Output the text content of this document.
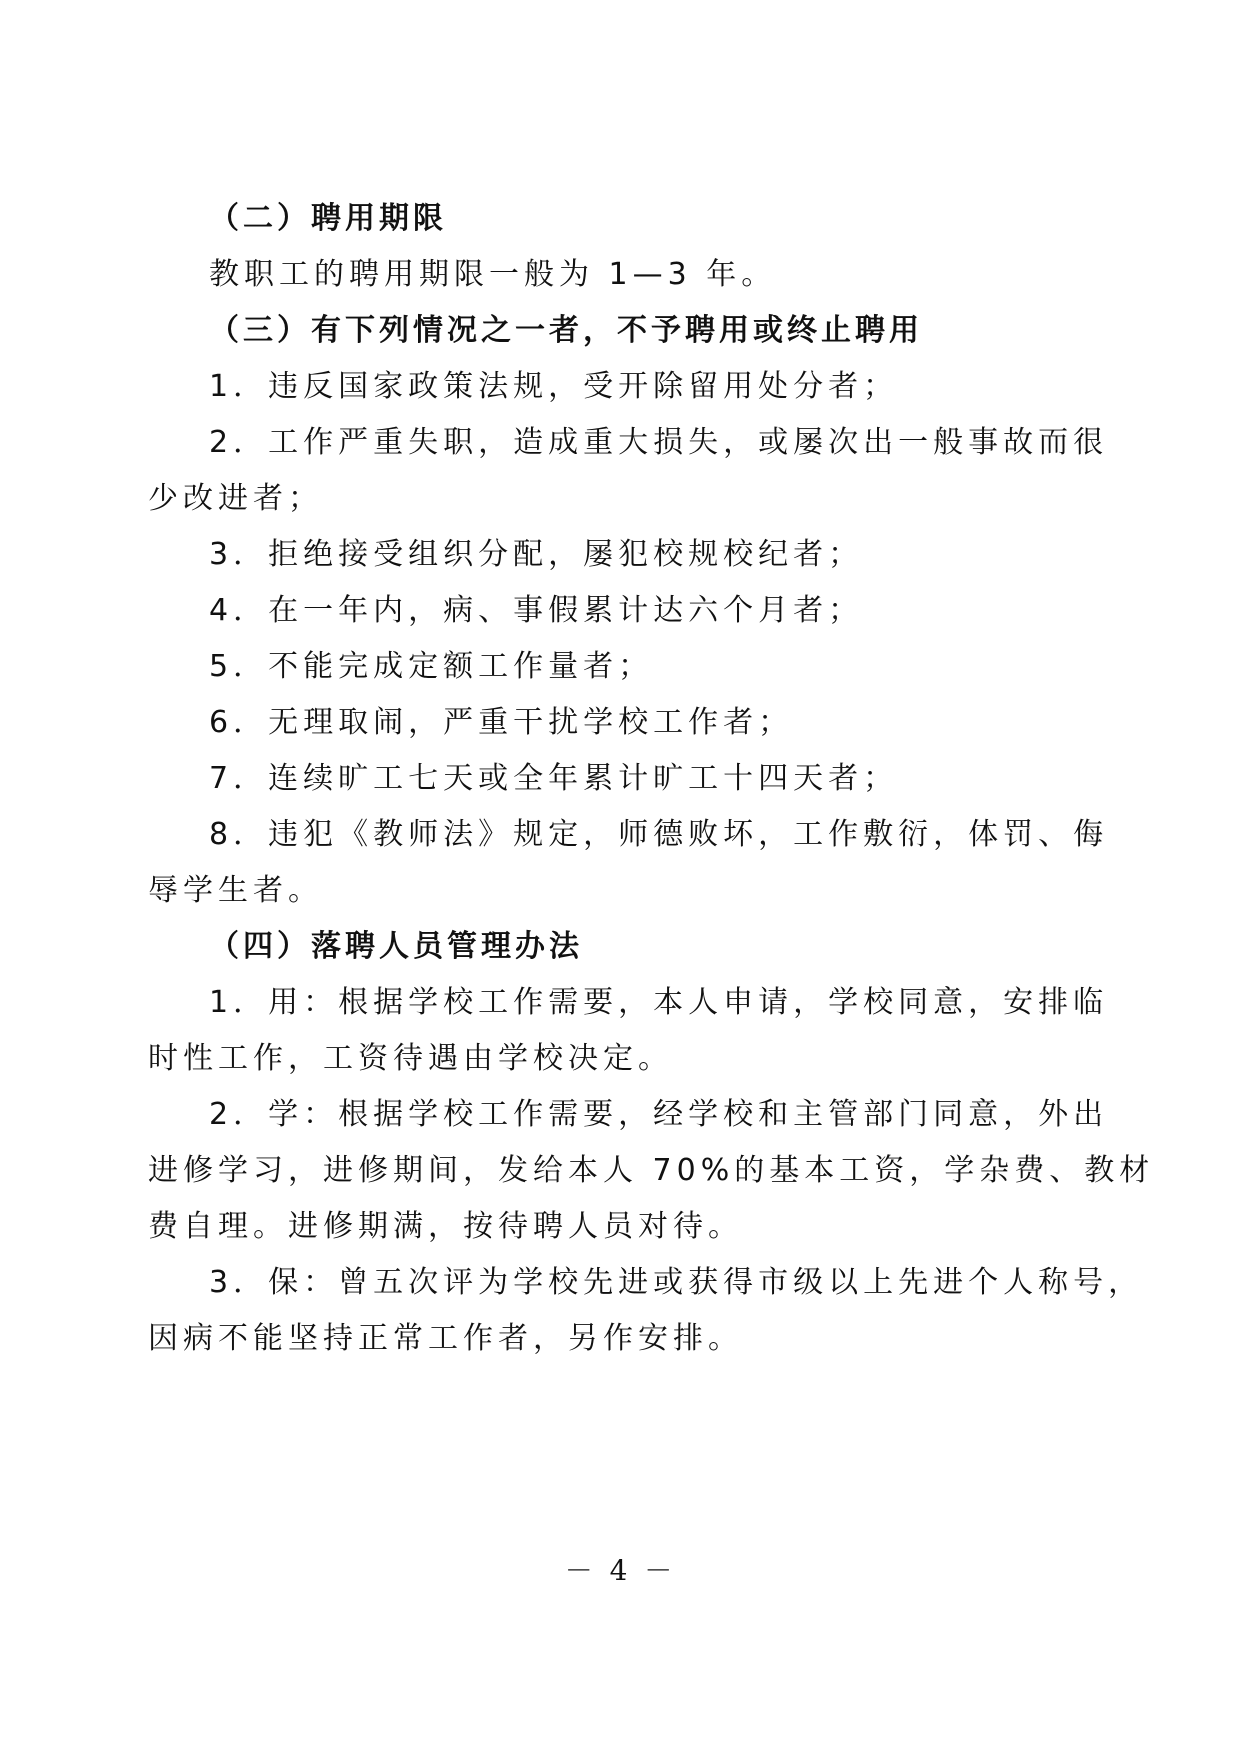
（二）聘用期限
教职工的聘用期限一般为 1—3 年。
（三）有下列情况之一者，不予聘用或终止聘用
1．违反国家政策法规，受开除留用处分者；
2．工作严重失职，造成重大损失，或屡次出一般事故而很
少改进者；
3．拒绝接受组织分配，屡犯校规校纪者；
4．在一年内，病、事假累计达六个月者；
5．不能完成定额工作量者；
6．无理取闹，严重干扰学校工作者；
7．连续旷工七天或全年累计旷工十四天者；
8．违犯《教师法》规定，师德败坏，工作敷衍，体罚、侮
辱学生者。
（四）落聘人员管理办法
1．用：根据学校工作需要，本人申请，学校同意，安排临
时性工作，工资待遇由学校决定。
2．学：根据学校工作需要，经学校和主管部门同意，外出
进修学习，进修期间，发给本人 70%的基本工资，学杂费、教材
费自理。进修期满，按待聘人员对待。
3．保：曾五次评为学校先进或获得市级以上先进个人称号，
因病不能坚持正常工作者，另作安排。
－ 4 －
